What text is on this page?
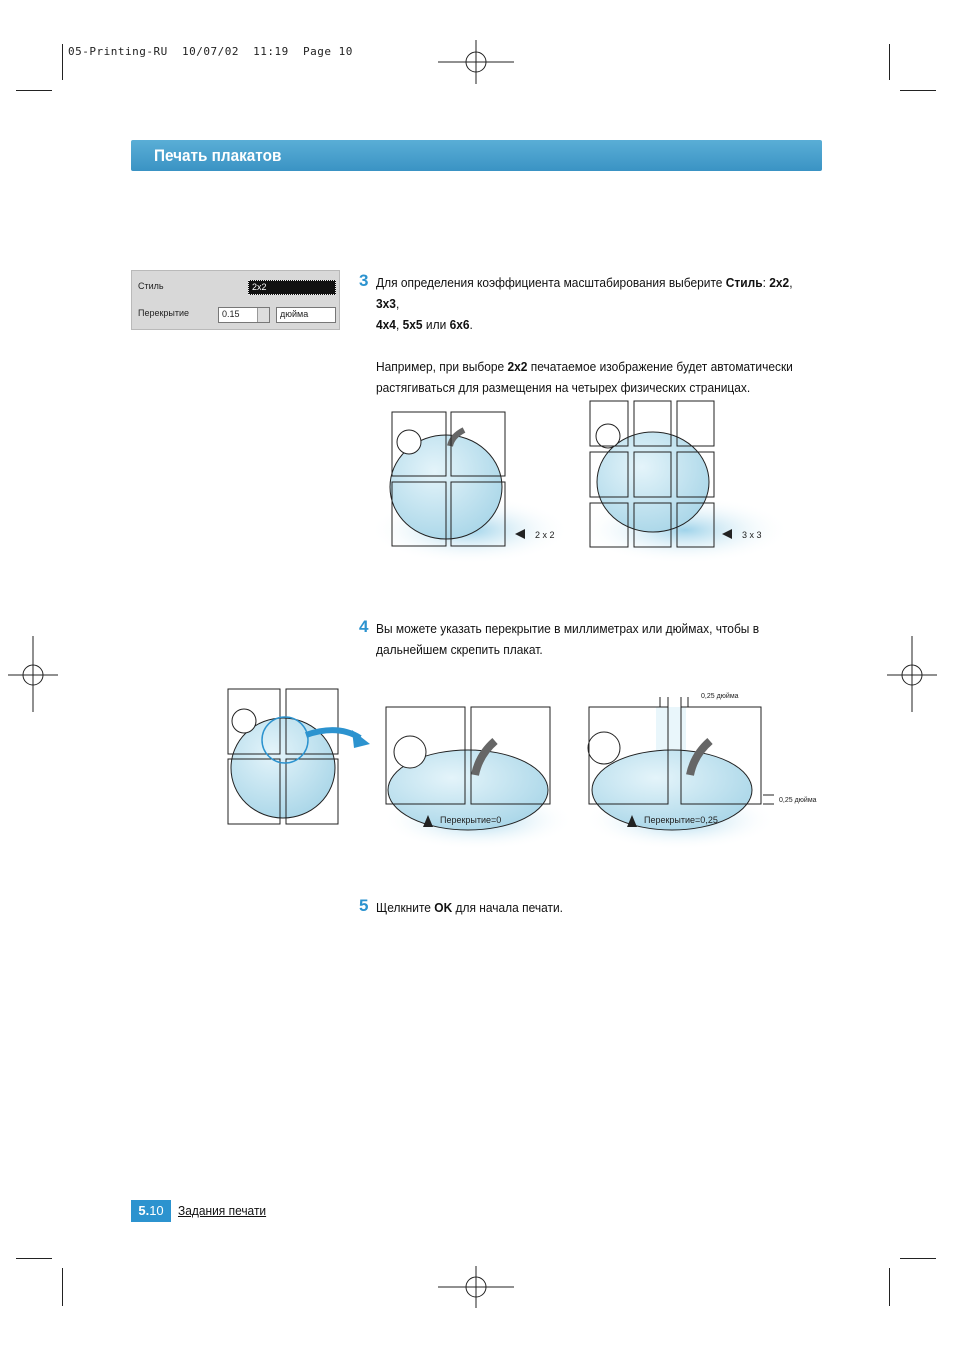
05-Printing-RU  10/07/02  11:19  Page 10
Печать плакатов
Стиль	2x2
Перекрытие	0.15	дюйма
3 Для определения коэффициента масштабирования выберите Стиль: 2x2, 3x3,
4x4, 5x5 или 6x6.
Например, при выборе 2x2 печатаемое изображение будет автоматически
растягиваться для размещения на четырех физических страницах.
2 x 2	3 x 3
4 Вы можете указать перекрытие в миллиметрах или дюймах, чтобы в
дальнейшем скрепить плакат.
Перекрытие=0	Перекрытие=0,25
0,25 дюйма
0,25 дюйма
5 Щелкните OK для начала печати.
5.10	Задания печати
